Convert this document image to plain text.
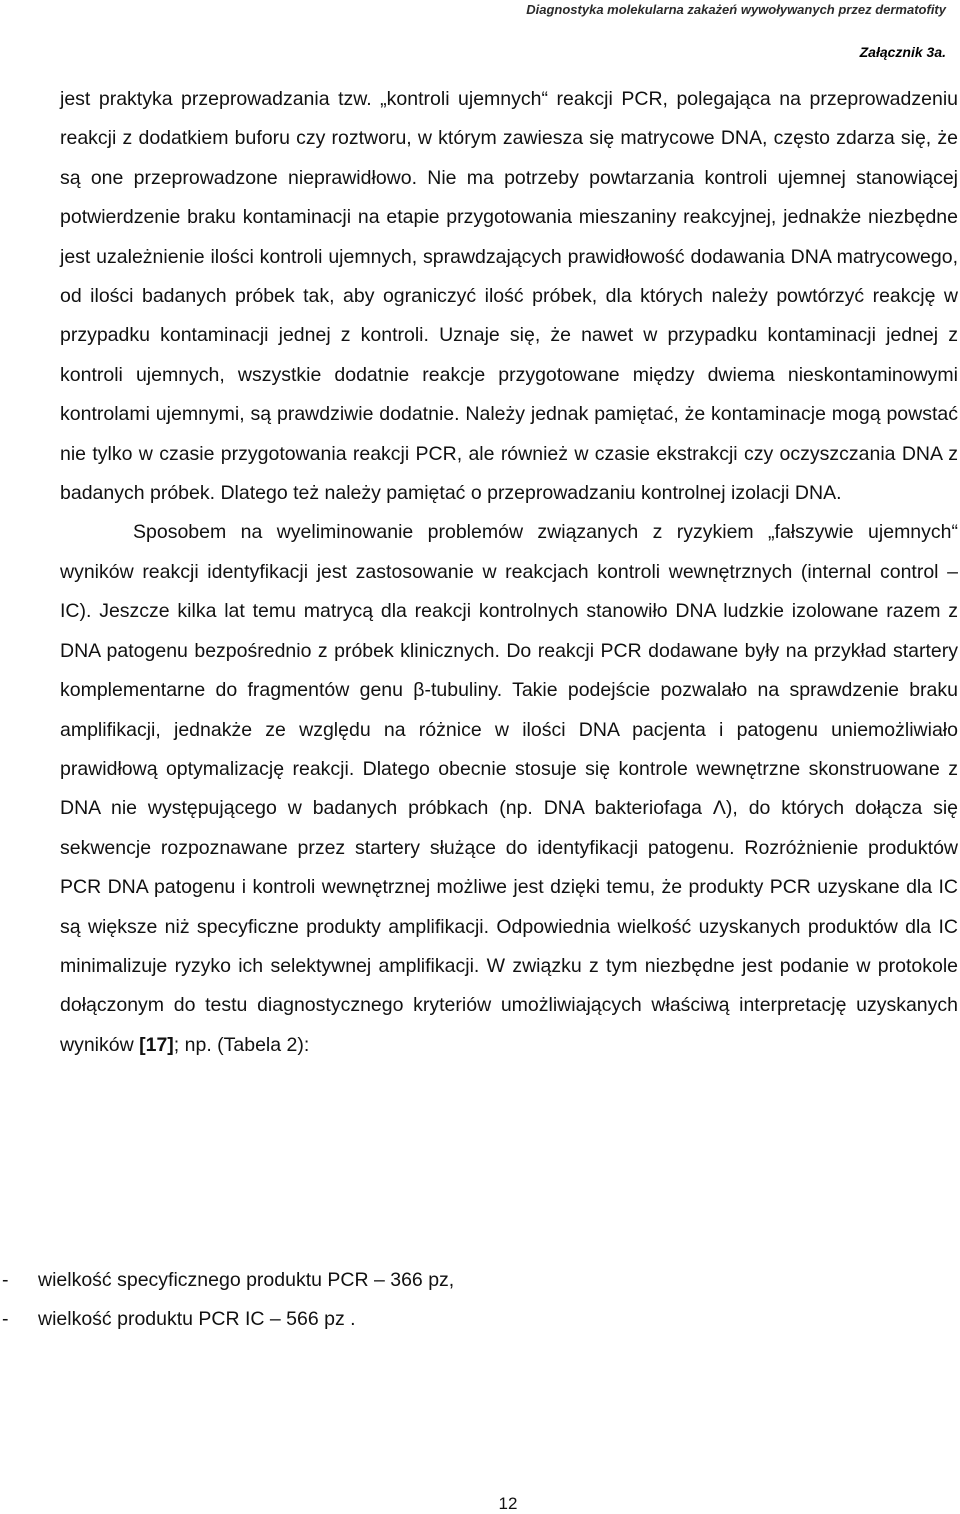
Diagnostyka molekularna zakażeń wywoływanych przez dermatofity
Załącznik 3a.

jest praktyka przeprowadzania tzw. „kontroli ujemnych“ reakcji PCR, polegająca na przeprowadzeniu reakcji z dodatkiem buforu czy roztworu, w którym zawiesza się matrycowe DNA, często zdarza się, że są one przeprowadzone nieprawidłowo. Nie ma potrzeby powtarzania kontroli ujemnej stanowiącej potwierdzenie braku kontaminacji na etapie przygotowania mieszaniny reakcyjnej, jednakże niezbędne jest uzależnienie ilości kontroli ujemnych, sprawdzających prawidłowość dodawania DNA matrycowego, od ilości badanych próbek tak, aby ograniczyć ilość próbek, dla których należy powtórzyć reakcję w przypadku kontaminacji jednej z kontroli. Uznaje się, że nawet w przypadku kontaminacji jednej z kontroli ujemnych, wszystkie dodatnie reakcje przygotowane między dwiema nieskontaminowymi kontrolami ujemnymi, są prawdziwie dodatnie. Należy jednak pamiętać, że kontaminacje mogą powstać nie tylko w czasie przygotowania reakcji PCR, ale również w czasie ekstrakcji czy oczyszczania DNA z badanych próbek. Dlatego też należy pamiętać o przeprowadzaniu kontrolnej izolacji DNA.

Sposobem na wyeliminowanie problemów związanych z ryzykiem „fałszywie ujemnych“ wyników reakcji identyfikacji jest zastosowanie w reakcjach kontroli wewnętrznych (internal control – IC). Jeszcze kilka lat temu matrycą dla reakcji kontrolnych stanowiło DNA ludzkie izolowane razem z DNA patogenu bezpośrednio z próbek klinicznych. Do reakcji PCR dodawane były na przykład startery komplementarne do fragmentów genu β-tubuliny. Takie podejście pozwalało na sprawdzenie braku amplifikacji, jednakże ze względu na różnice w ilości DNA pacjenta i patogenu uniemożliwiało prawidłową optymalizację reakcji. Dlatego obecnie stosuje się kontrole wewnętrzne skonstruowane z DNA nie występującego w badanych próbkach (np. DNA bakteriofaga Λ), do których dołącza się sekwencje rozpoznawane przez startery służące do identyfikacji patogenu. Rozróżnienie produktów PCR DNA patogenu i kontroli wewnętrznej możliwe jest dzięki temu, że produkty PCR uzyskane dla IC są większe niż specyficzne produkty amplifikacji. Odpowiednia wielkość uzyskanych produktów dla IC minimalizuje ryzyko ich selektywnej amplifikacji. W związku z tym niezbędne jest podanie w protokole dołączonym do testu diagnostycznego kryteriów umożliwiających właściwą interpretację uzyskanych wyników [17]; np. (Tabela 2):

- wielkość specyficznego produktu PCR – 366 pz,
- wielkość produktu PCR IC – 566 pz .
12
